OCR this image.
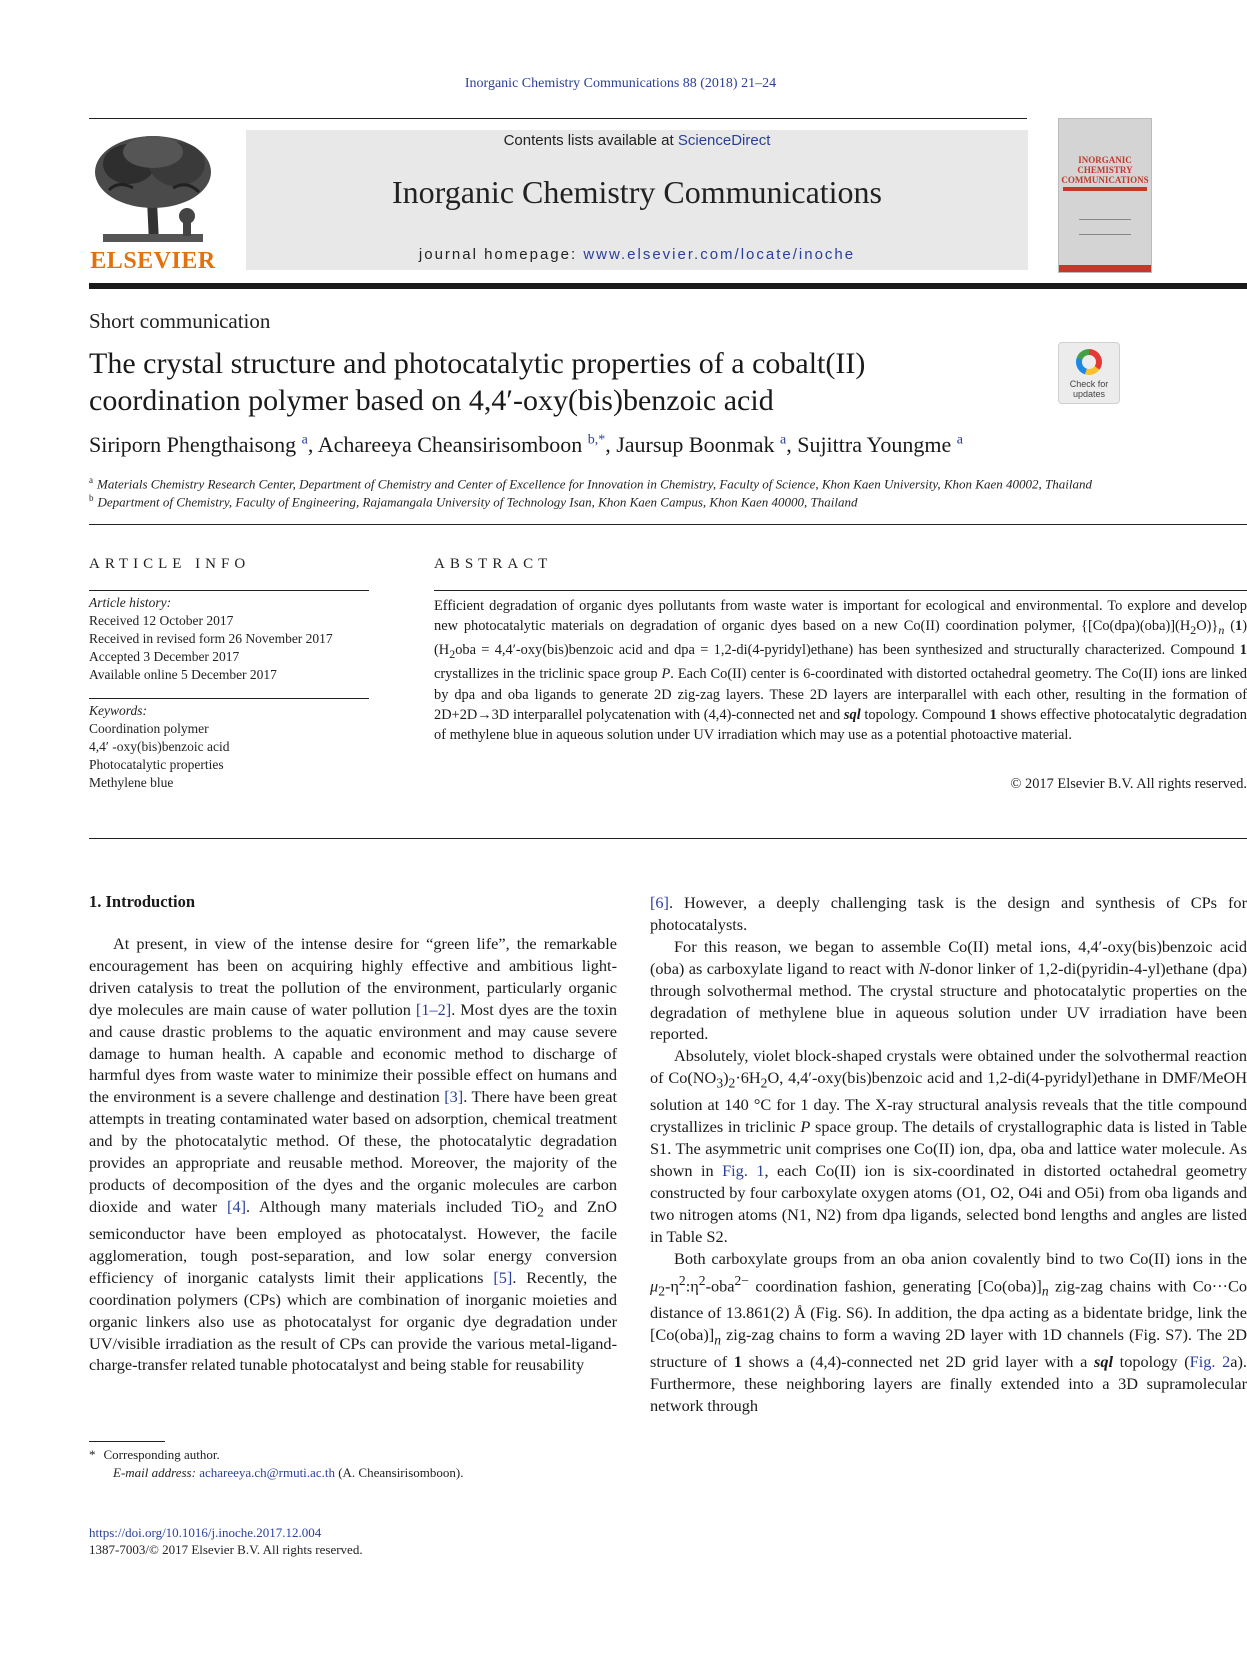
Inorganic Chemistry Communications 88 (2018) 21–24
ELSEVIER
Contents lists available at ScienceDirect
Inorganic Chemistry Communications
journal homepage: www.elsevier.com/locate/inoche
INORGANIC CHEMISTRY COMMUNICATIONS
Short communication
The crystal structure and photocatalytic properties of a cobalt(II)
coordination polymer based on 4,4′-oxy(bis)benzoic acid	Check for updates
Siriporn Phengthaisong $^a$, Achareeya Cheansirisomboon $^{b,*}$, Jaursup Boonmak $^a$, Sujittra Youngme $^a$
$^a$ Materials Chemistry Research Center, Department of Chemistry and Center of Excellence for Innovation in Chemistry, Faculty of Science, Khon Kaen University, Khon Kaen 40002, Thailand
$^b$ Department of Chemistry, Faculty of Engineering, Rajamangala University of Technology Isan, Khon Kaen Campus, Khon Kaen 40000, Thailand
ARTICLE INFO
Article history:
Received 12 October 2017
Received in revised form 26 November 2017
Accepted 3 December 2017
Available online 5 December 2017
Keywords:
Coordination polymer
4,4′ -oxy(bis)benzoic acid
Photocatalytic properties
Methylene blue
ABSTRACT
Efficient degradation of organic dyes pollutants from waste water is important for ecological and environmental. To explore and develop new photocatalytic materials on degradation of organic dyes based on a new Co(II) coordination polymer, $\{[Co(dpa)(oba)](H_2O)\}_n$ (1) ($H_2oba$ = 4,4′-oxy(bis)benzoic acid and dpa = 1,2-di(4-pyridyl)ethane) has been synthesized and structurally characterized. Compound 1 crystallizes in the triclinic space group P. Each Co(II) center is 6-coordinated with distorted octahedral geometry. The Co(II) ions are linked by dpa and oba ligands to generate 2D zig-zag layers. These 2D layers are interparallel with each other, resulting in the formation of 2D+2D→3D interparallel polycatenation with (4,4)-connected net and sql topology. Compound 1 shows effective photocatalytic degradation of methylene blue in aqueous solution under UV irradiation which may use as a potential photoactive material.
© 2017 Elsevier B.V. All rights reserved.
1. Introduction

At present, in view of the intense desire for “green life”, the remarkable encouragement has been on acquiring highly effective and ambitious light-driven catalysis to treat the pollution of the environment, particularly organic dye molecules are main cause of water pollution [1–2]. Most dyes are the toxin and cause drastic problems to the aquatic environment and may cause severe damage to human health. A capable and economic method to discharge of harmful dyes from waste water to minimize their possible effect on humans and the environment is a severe challenge and destination [3]. There have been great attempts in treating contaminated water based on adsorption, chemical treatment and by the photocatalytic method. Of these, the photocatalytic degradation provides an appropriate and reusable method. Moreover, the majority of the products of decomposition of the dyes and the organic molecules are carbon dioxide and water [4]. Although many materials included TiO$_2$ and ZnO semiconductor have been employed as photocatalyst. However, the facile agglomeration, tough post-separation, and low solar energy conversion efficiency of inorganic catalysts limit their applications [5]. Recently, the coordination polymers (CPs) which are combination of inorganic moieties and organic linkers also use as photocatalyst for organic dye degradation under UV/visible irradiation as the result of CPs can provide the various metal-ligand-charge-transfer related tunable photocatalyst and being stable for reusability

[6]. However, a deeply challenging task is the design and synthesis of CPs for photocatalysts.

For this reason, we began to assemble Co(II) metal ions, 4,4′-oxy(bis)benzoic acid (oba) as carboxylate ligand to react with N-donor linker of 1,2-di(pyridin-4-yl)ethane (dpa) through solvothermal method. The crystal structure and photocatalytic properties on the degradation of methylene blue in aqueous solution under UV irradiation have been reported.

Absolutely, violet block-shaped crystals were obtained under the solvothermal reaction of $Co(NO_3)_2\cdot 6H_2O$, 4,4′-oxy(bis)benzoic acid and 1,2-di(4-pyridyl)ethane in DMF/MeOH solution at 140 °C for 1 day. The X-ray structural analysis reveals that the title compound crystallizes in triclinic P space group. The details of crystallographic data is listed in Table S1. The asymmetric unit comprises one Co(II) ion, dpa, oba and lattice water molecule. As shown in Fig. 1, each Co(II) ion is six-coordinated in distorted octahedral geometry constructed by four carboxylate oxygen atoms (O1, O2, O4i and O5i) from oba ligands and two nitrogen atoms (N1, N2) from dpa ligands, selected bond lengths and angles are listed in Table S2.

Both carboxylate groups from an oba anion covalently bind to two Co(II) ions in the $\mu_2-\eta^2:\eta^2-oba^{2-}$ coordination fashion, generating $[Co(oba)]_n$ zig-zag chains with Co···Co distance of 13.861(2) Å (Fig. S6). In addition, the dpa acting as a bidentate bridge, link the $[Co(oba)]_n$ zig-zag chains to form a waving 2D layer with 1D channels (Fig. S7). The 2D structure of 1 shows a (4,4)-connected net 2D grid layer with a sql topology (Fig. 2a). Furthermore, these neighboring layers are finally extended into a 3D supramolecular network through

* Corresponding author.
E-mail address: achareeya.ch@rmuti.ac.th (A. Cheansirisomboon).
https://doi.org/10.1016/j.inoche.2017.12.004
1387-7003/© 2017 Elsevier B.V. All rights reserved.
